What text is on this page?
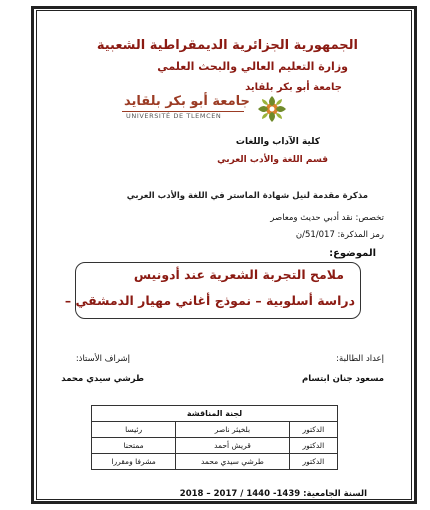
الجمهورية الجزائرية الديمقراطية الشعبية
وزارة التعليم العالي والبحث العلمي
جامعة أبو بكر بلقايد
جامعة أبو بكر بلقايد
UNIVERSITÉ DE TLEMCEN
كلية الآداب واللغات
قسم اللغة والأدب العربي
مذكرة مقدمة لنيل شهادة الماستر في اللغة والأدب العربي
تخصص: نقد أدبي حديث ومعاصر
رمز المذكرة: 51/017/ن
الموضوع:
ملامح التجربة الشعرية عند أدونيس
دراسة أسلوبية – نموذج أغاني مهيار الدمشقي –
إعداد الطالبة:
مسعود جنان ابتسام
إشراف الأستاذ:
طرشي سيدي محمد
لجنة المناقشة		
الدكتور	بلخيثر ناصر	رئيسا
الدكتور	قريش أحمد	ممتحنا
الدكتور	طرشي سيدي محمد	مشرفا ومقررا
السنة الجامعية: 1439- 1440 / 2017 – 2018
